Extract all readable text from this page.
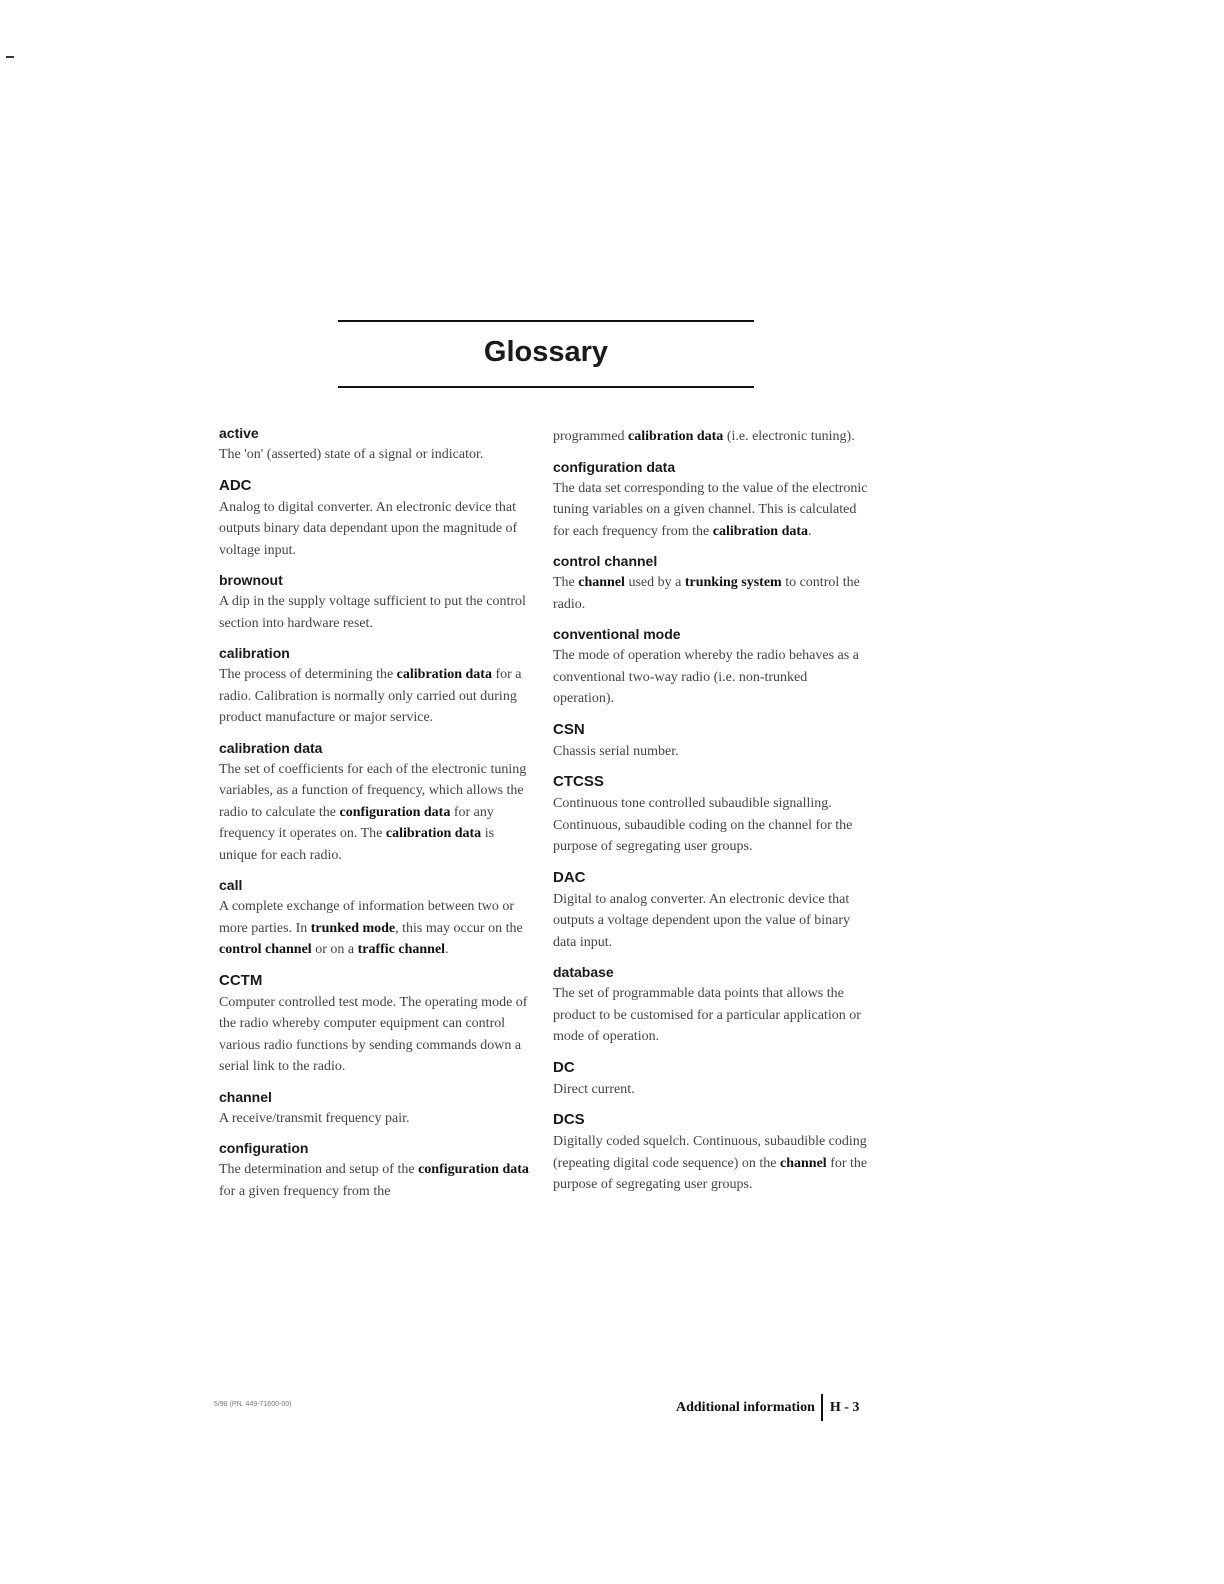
Glossary
active

The 'on' (asserted) state of a signal or indicator.

ADC

Analog to digital converter. An electronic device that outputs binary data dependant upon the magnitude of voltage input.

brownout

A dip in the supply voltage sufficient to put the control section into hardware reset.

calibration

The process of determining the calibration data for a radio. Calibration is normally only carried out during product manufacture or major service.

calibration data

The set of coefficients for each of the electronic tuning variables, as a function of frequency, which allows the radio to calculate the configuration data for any frequency it operates on. The calibration data is unique for each radio.

call

A complete exchange of information between two or more parties. In trunked mode, this may occur on the control channel or on a traffic channel.

CCTM

Computer controlled test mode. The operating mode of the radio whereby computer equipment can control various radio functions by sending commands down a serial link to the radio.

channel

A receive/transmit frequency pair.

configuration

The determination and setup of the configuration data for a given frequency from the

programmed calibration data (i.e. electronic tuning).

configuration data

The data set corresponding to the value of the electronic tuning variables on a given channel. This is calculated for each frequency from the calibration data.

control channel

The channel used by a trunking system to control the radio.

conventional mode

The mode of operation whereby the radio behaves as a conventional two-way radio (i.e. non-trunked operation).

CSN

Chassis serial number.

CTCSS

Continuous tone controlled subaudible signalling. Continuous, subaudible coding on the channel for the purpose of segregating user groups.

DAC

Digital to analog converter. An electronic device that outputs a voltage dependent upon the value of binary data input.

database

The set of programmable data points that allows the product to be customised for a particular application or mode of operation.

DC

Direct current.

DCS

Digitally coded squelch. Continuous, subaudible coding (repeating digital code sequence) on the channel for the purpose of segregating user groups.

5/98 (PN. 449-71600-00)	Additional information H - 3
